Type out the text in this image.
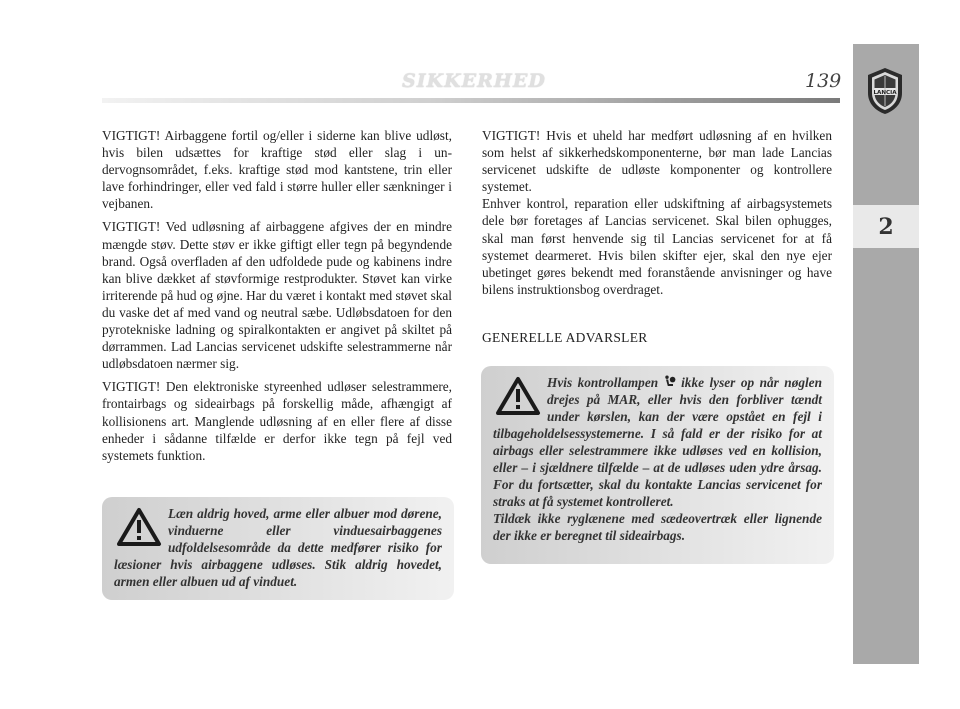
SIKKERHED	139
2
LANCIA

VIGTIGT! Airbaggene fortil og/eller i siderne kan blive udløst, hvis bilen udsættes for kraftige stød eller slag i undervognsområdet, f.eks. kraftige stød mod kantstene, trin eller lave forhindringer, eller ved fald i større huller eller sænkninger i vejbanen.

VIGTIGT! Ved udløsning af airbaggene afgives der en mindre mængde støv. Dette støv er ikke giftigt eller tegn på begyndende brand. Også overfladen af den udfoldede pude og kabinens indre kan blive dækket af støvformige restprodukter. Støvet kan virke irriterende på hud og øjne. Har du været i kontakt med støvet skal du vaske det af med vand og neutral sæbe. Udløbsdatoen for den pyrotekniske ladning og spiralkontakten er angivet på skiltet på dørrammen. Lad Lancias servicenet udskifte selestrammerne når udløbsdatoen nærmer sig.

VIGTIGT! Den elektroniske styreenhed udløser selestrammere, frontairbags og sideairbags på forskellig måde, afhængigt af kollisionens art. Manglende udløsning af en eller flere af disse enheder i sådanne tilfælde er derfor ikke tegn på fejl ved systemets funktion.

Læn aldrig hoved, arme eller albuer mod dørene, vinduerne eller vinduesairbaggenes udfoldelsesområde da dette medfører risiko for læsioner hvis airbaggene udløses. Stik aldrig hovedet, armen eller albuen ud af vinduet.

VIGTIGT! Hvis et uheld har medført udløsning af en hvilken som helst af sikkerhedskomponenterne, bør man lade Lancias servicenet udskifte de udløste komponenter og kontrollere systemet.

Enhver kontrol, reparation eller udskiftning af airbagsystemets dele bør foretages af Lancias servicenet. Skal bilen ophugges, skal man først henvende sig til Lancias servicenet for at få systemet dearmeret. Hvis bilen skifter ejer, skal den nye ejer ubetinget gøres bekendt med foranstående anvisninger og have bilens instruktionsbog overdraget.

GENERELLE ADVARSLER

Hvis kontrollampen ikke lyser op når nøglen drejes på MAR, eller hvis den forbliver tændt under kørslen, kan der være opstået en fejl i tilbageholdelsessystemerne. I så fald er der risiko for at airbags eller selestrammere ikke udløses ved en kollision, eller – i sjældnere tilfælde – at de udløses uden ydre årsag. For du fortsætter, skal du kontakte Lancias servicenet for straks at få systemet kontrolleret.

Tildæk ikke ryglænene med sædeovertræk eller lignende der ikke er beregnet til sideairbags.
